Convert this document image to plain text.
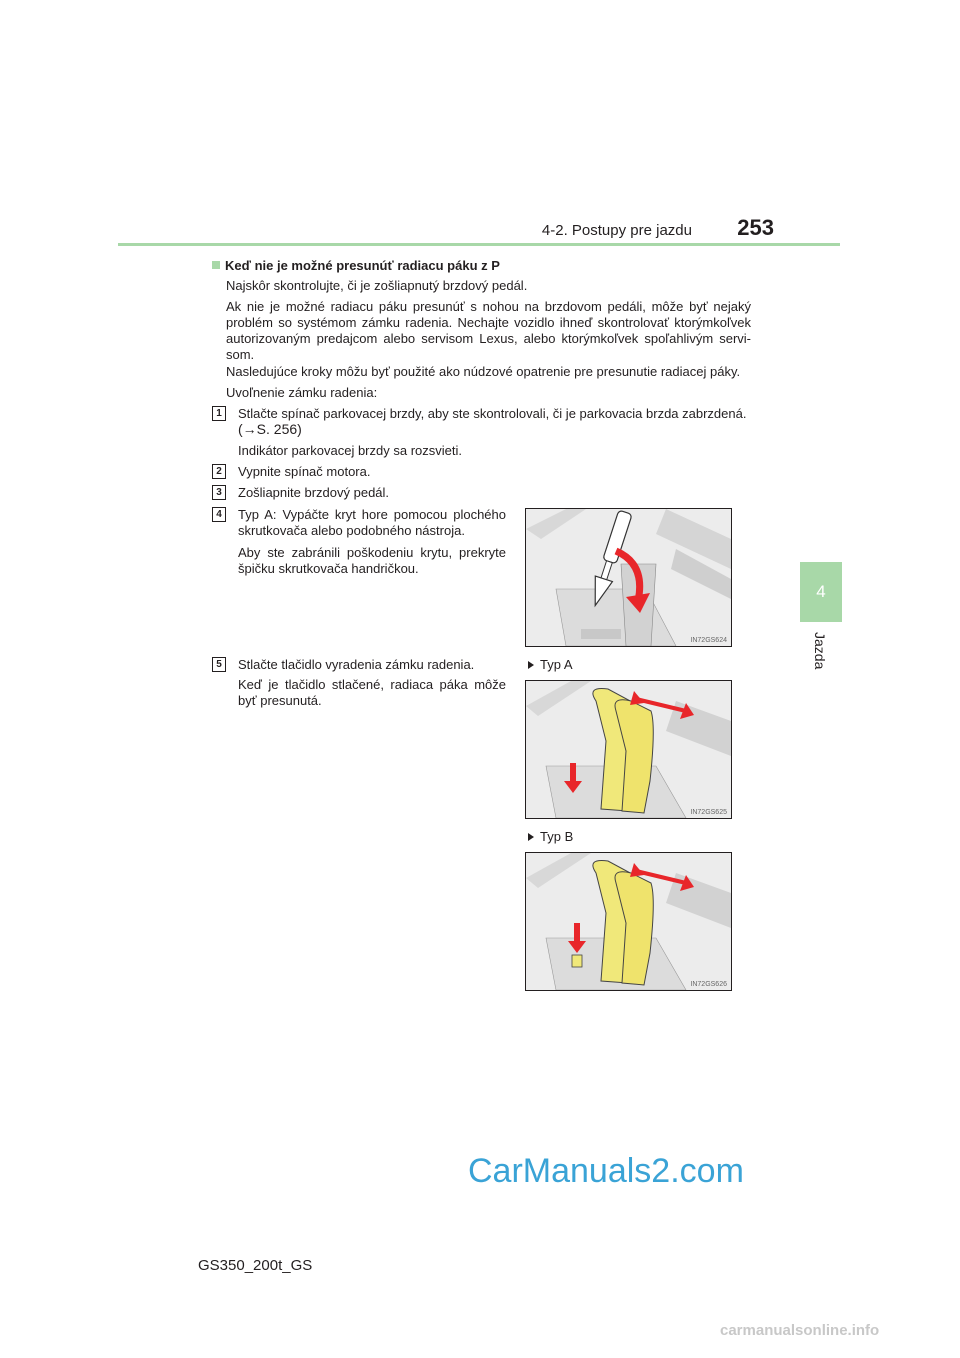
4-2. Postupy pre jazdu 253
4
Jazda
Keď nie je možné presunúť radiacu páku z P
Najskôr skontrolujte, či je zošliapnutý brzdový pedál.
Ak nie je možné radiacu páku presunúť s nohou na brzdovom pedáli, môže byť nejaký problém so systémom zámku radenia. Nechajte vozidlo ihneď skontrolovať ktorýmkoľvek autorizovaným predajcom alebo servisom Lexus, alebo ktorýmkoľvek spoľahlivým servi-som.
Nasledujúce kroky môžu byť použité ako núdzové opatrenie pre presunutie radiacej páky.
Uvoľnenie zámku radenia:
1	Stlačte spínač parkovacej brzdy, aby ste skontrolovali, či je parkovacia brzda zabrzdená.
(→S. 256)
Indikátor parkovacej brzdy sa rozsvieti.
2	Vypnite spínač motora.
3	Zošliapnite brzdový pedál.
4	Typ A: Vypáčte kryt hore pomocou plochého skrutkovača alebo podobného nástroja.
Aby ste zabránili poškodeniu krytu, prekryte špičku skrutkovača handričkou.
IN72GS624
5	Stlačte tlačidlo vyradenia zámku radenia.
Keď je tlačidlo stlačené, radiaca páka môže byť presunutá.
Typ A
IN72GS625
Typ B
IN72GS626
GS350_200t_GS
CarManuals2.com
carmanualsonline.info
